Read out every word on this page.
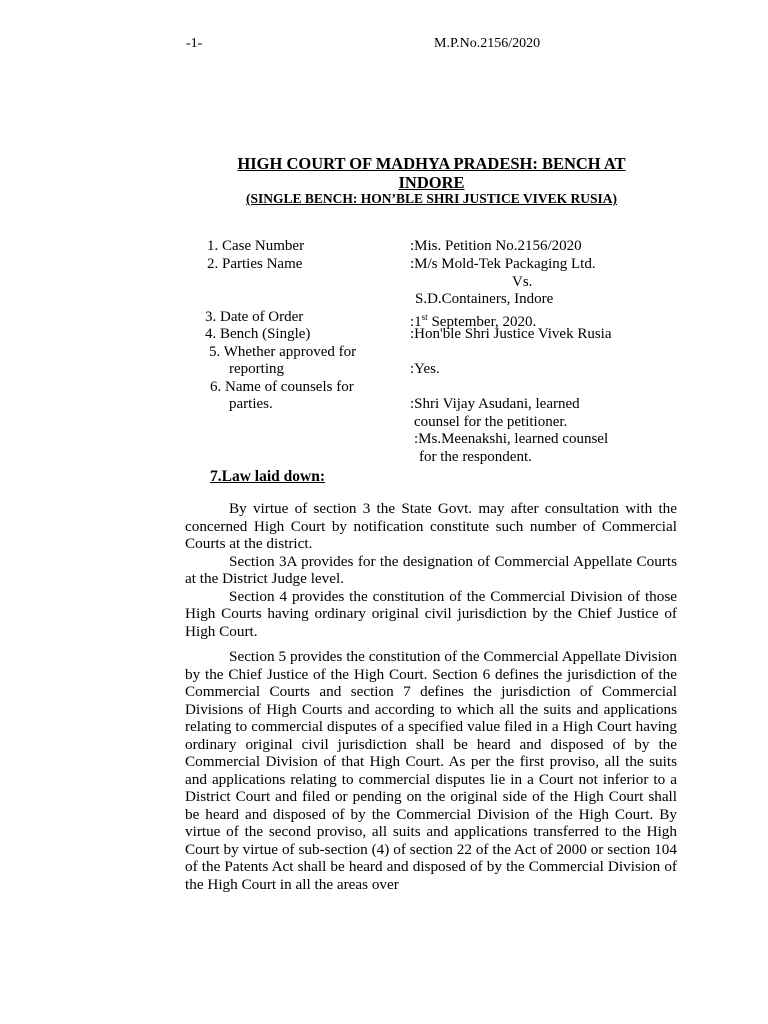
-1-	M.P.No.2156/2020
HIGH COURT OF MADHYA PRADESH: BENCH AT
INDORE
(SINGLE BENCH: HON’BLE SHRI JUSTICE VIVEK RUSIA)
1. Case Number	:Mis. Petition No.2156/2020
2. Parties Name	:M/s Mold-Tek Packaging Ltd.
Vs.
S.D.Containers, Indore
3. Date of Order	:1st September, 2020.
4. Bench (Single)	:Hon'ble Shri Justice Vivek Rusia
5. Whether approved for
reporting	:Yes.
6. Name of counsels for
parties.	:Shri Vijay Asudani, learned
counsel for the petitioner.
:Ms.Meenakshi, learned counsel
for the respondent.
7.Law laid down:

By virtue of section 3 the State Govt. may after consultation with the concerned High Court by notification constitute such number of Commercial Courts at the district.

Section 3A provides for the designation of Commercial Appellate Courts at the District Judge level.

Section 4 provides the constitution of the Commercial Division of those High Courts having ordinary original civil jurisdiction by the Chief Justice of High Court.

Section 5 provides the constitution of the Commercial Appellate Division by the Chief Justice of the High Court. Section 6 defines the jurisdiction of the Commercial Courts and section 7 defines the jurisdiction of Commercial Divisions of High Courts and according to which all the suits and applications relating to commercial disputes of a specified value filed in a High Court having ordinary original civil jurisdiction shall be heard and disposed of by the Commercial Division of that High Court. As per the first proviso, all the suits and applications relating to commercial disputes lie in a Court not inferior to a District Court and filed or pending on the original side of the High Court shall be heard and disposed of by the Commercial Division of the High Court. By virtue of the second proviso, all suits and applications transferred to the High Court by virtue of sub-section (4) of section 22 of the Act of 2000 or section 104 of the Patents Act shall be heard and disposed of by the Commercial Division of the High Court in all the areas over
